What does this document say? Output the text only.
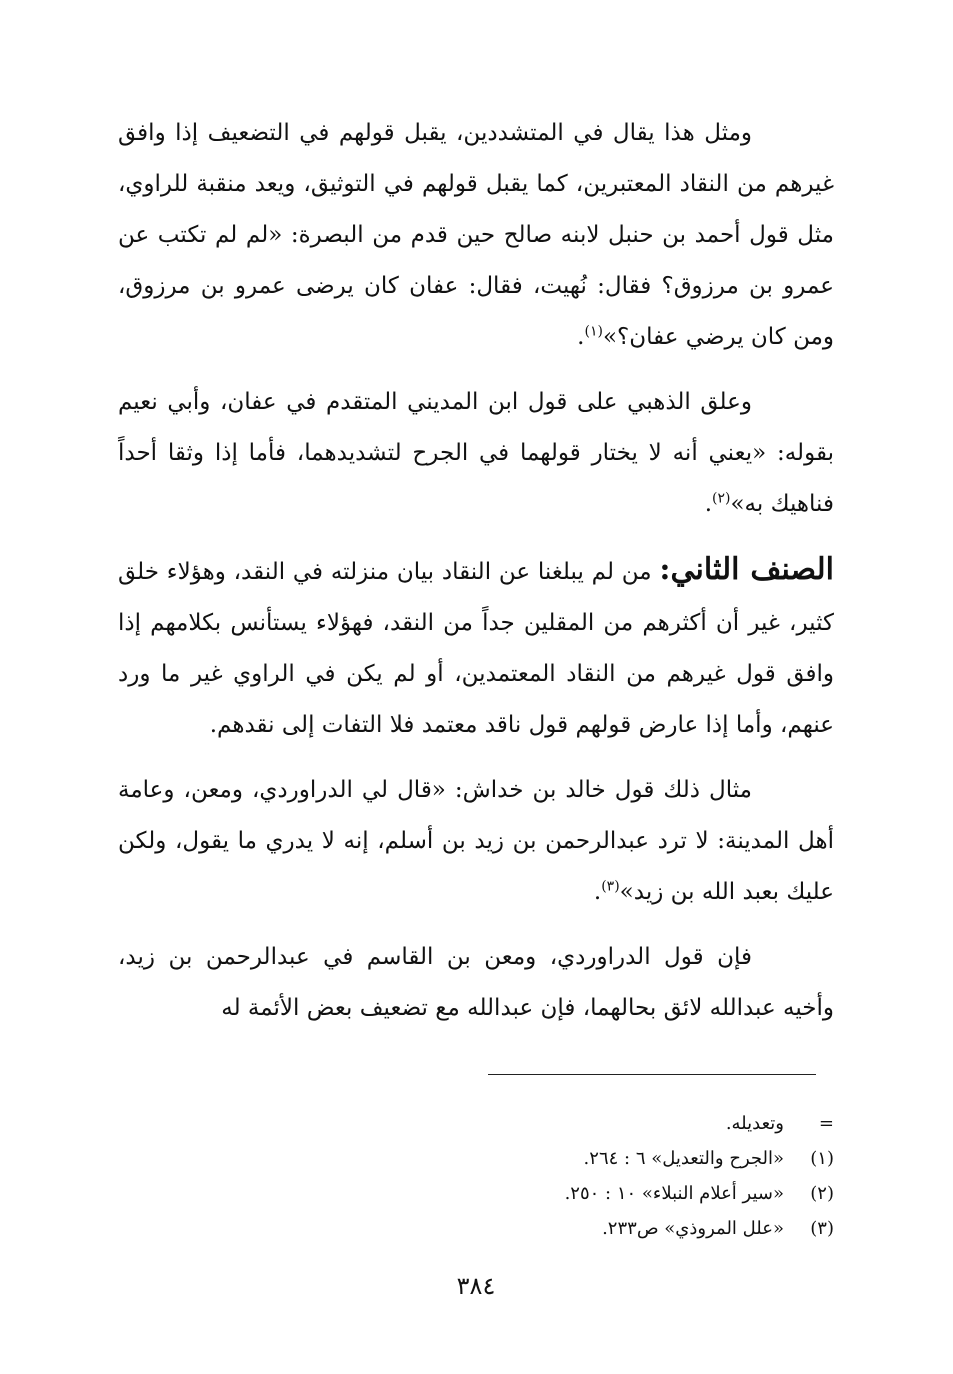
ومثل هذا يقال في المتشددين، يقبل قولهم في التضعيف إذا وافق غيرهم من النقاد المعتبرين، كما يقبل قولهم في التوثيق، ويعد منقبة للراوي، مثل قول أحمد بن حنبل لابنه صالح حين قدم من البصرة: «لم لم تكتب عن عمرو بن مرزوق؟ فقال: نُهيت، فقال: عفان كان يرضى عمرو بن مرزوق، ومن كان يرضي عفان؟»$^{(١)}$.

وعلق الذهبي على قول ابن المديني المتقدم في عفان، وأبي نعيم بقوله: «يعني أنه لا يختار قولهما في الجرح لتشديدهما، فأما إذا وثقا أحداً فناهيك به»$^{(٢)}$.

الصنف الثاني: من لم يبلغنا عن النقاد بيان منزلته في النقد، وهؤلاء خلق كثير، غير أن أكثرهم من المقلين جداً من النقد، فهؤلاء يستأنس بكلامهم إذا وافق قول غيرهم من النقاد المعتمدين، أو لم يكن في الراوي غير ما ورد عنهم، وأما إذا عارض قولهم قول ناقد معتمد فلا التفات إلى نقدهم.

مثال ذلك قول خالد بن خداش: «قال لي الدراوردي، ومعن، وعامة أهل المدينة: لا ترد عبدالرحمن بن زيد بن أسلم، إنه لا يدري ما يقول، ولكن عليك بعبد الله بن زيد»$^{(٣)}$.

فإن قول الدراوردي، ومعن بن القاسم في عبدالرحمن بن زيد، وأخيه عبدالله لائق بحالهما، فإن عبدالله مع تضعيف بعض الأئمة له

=وتعديله.
(١)«الجرح والتعديل» ٦ : ٢٦٤.
(٢)«سير أعلام النبلاء» ١٠ : ٢٥٠.
(٣)«علل المروذي» ص٢٣٣.
٣٨٤
